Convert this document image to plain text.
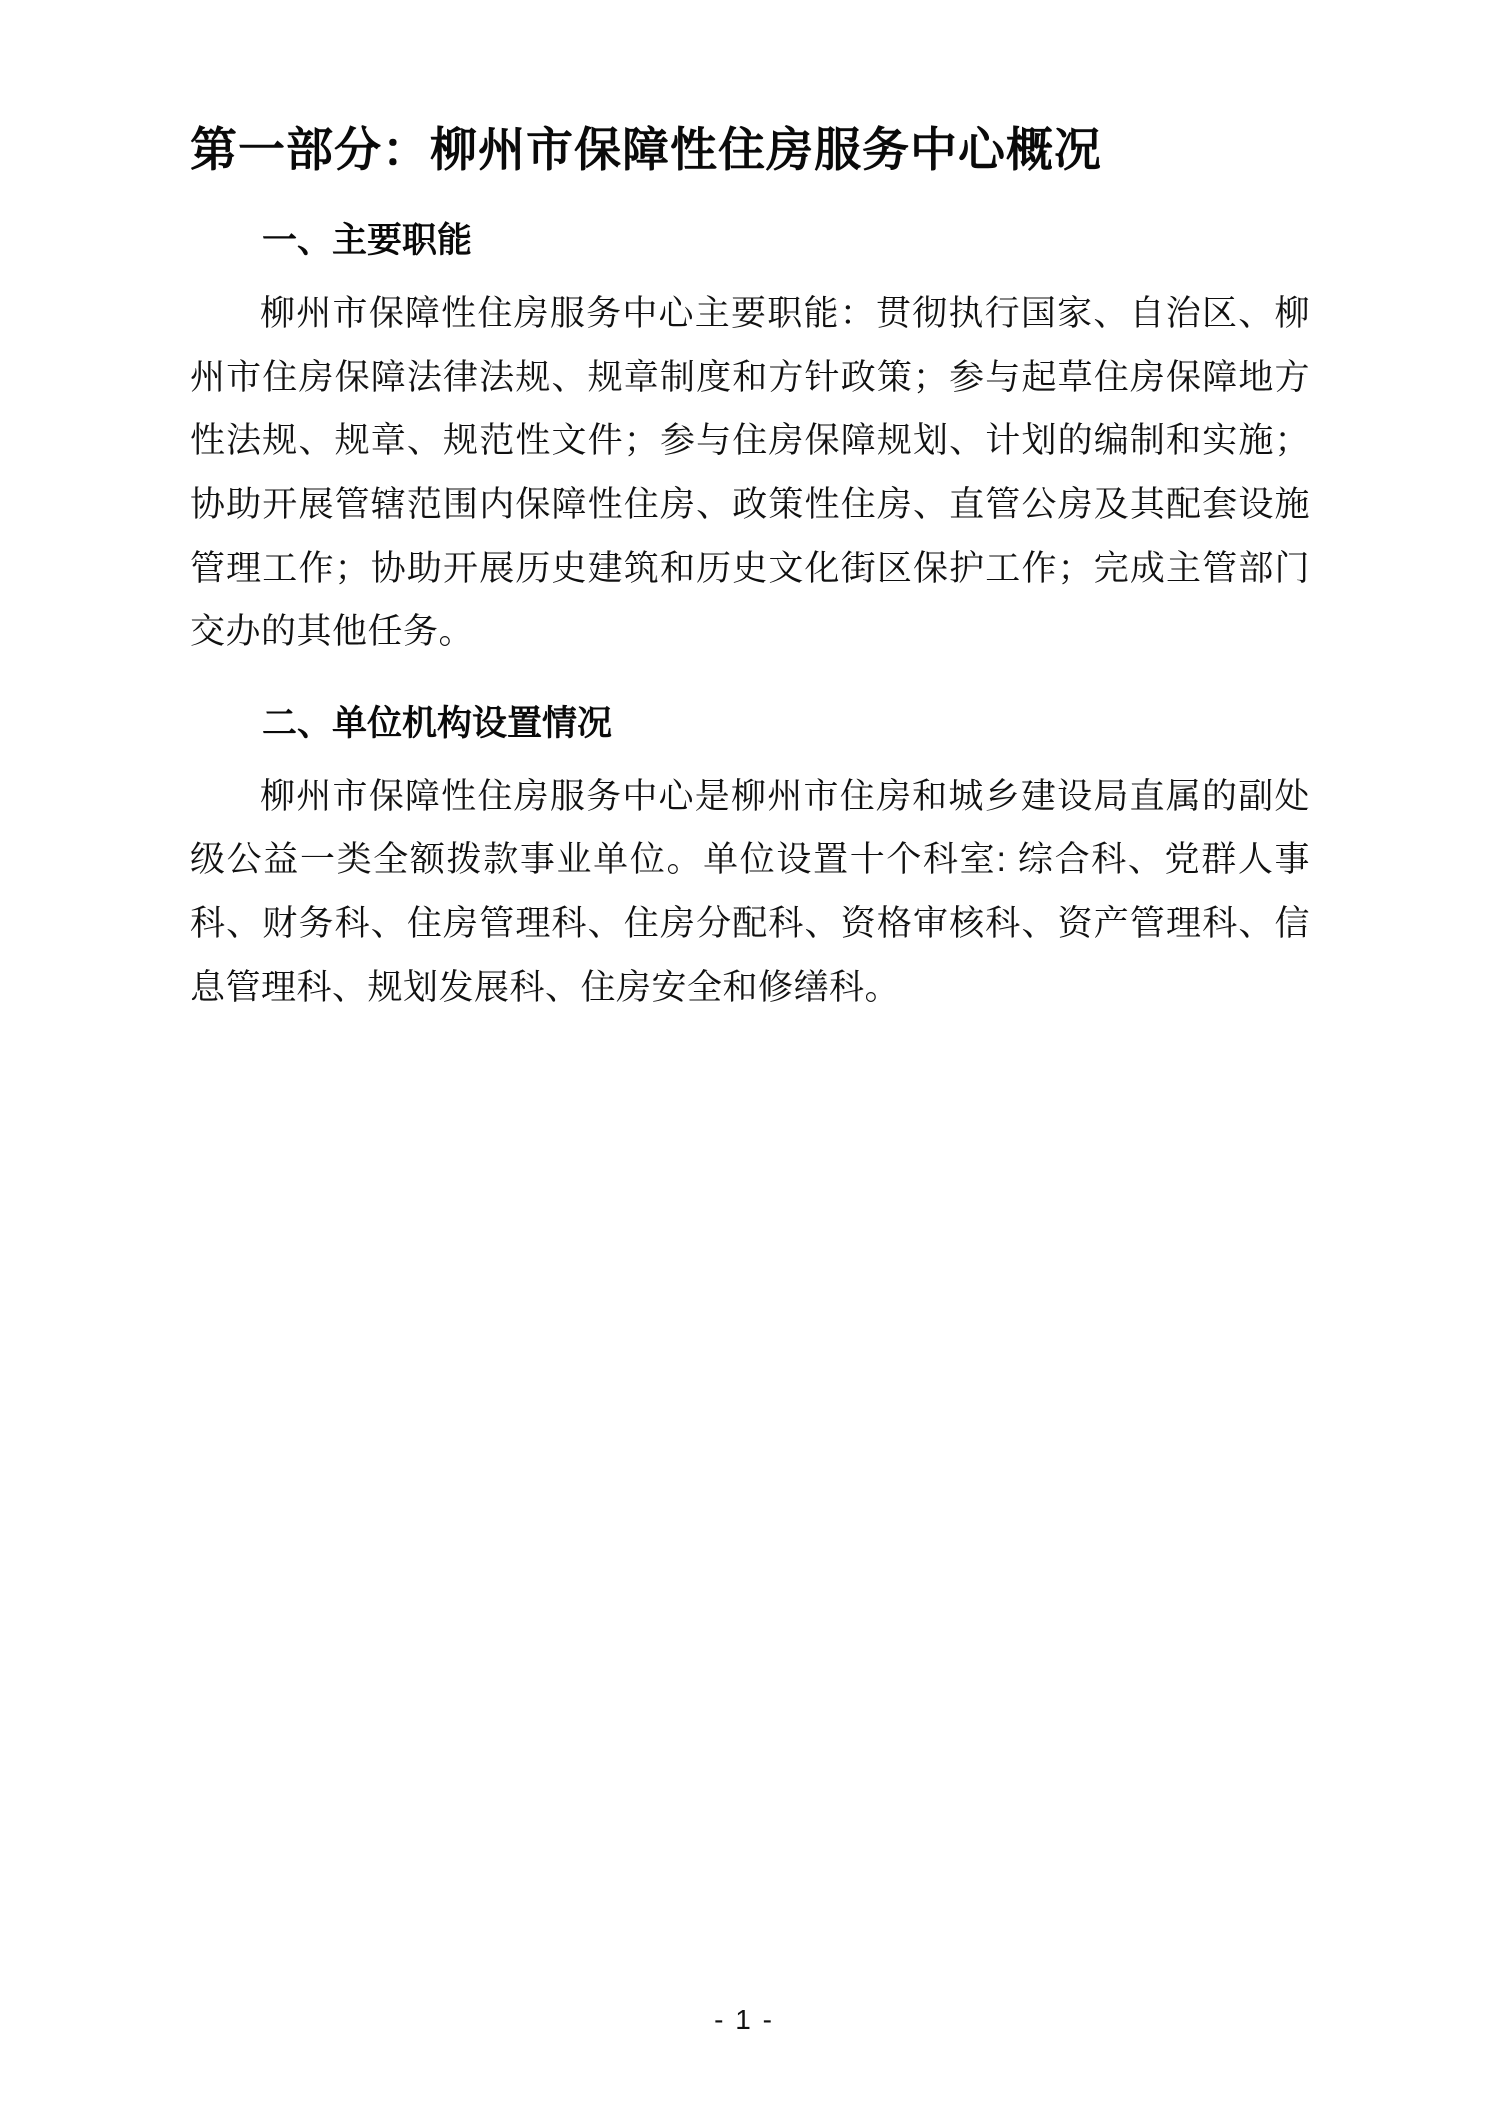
第一部分：柳州市保障性住房服务中心概况
一、主要职能

柳州市保障性住房服务中心主要职能：贯彻执行国家、自治区、柳州市住房保障法律法规、规章制度和方针政策；参与起草住房保障地方性法规、规章、规范性文件；参与住房保障规划、计划的编制和实施；协助开展管辖范围内保障性住房、政策性住房、直管公房及其配套设施管理工作；协助开展历史建筑和历史文化街区保护工作；完成主管部门交办的其他任务。

二、单位机构设置情况

柳州市保障性住房服务中心是柳州市住房和城乡建设局直属的副处级公益一类全额拨款事业单位。单位设置十个科室: 综合科、党群人事科、财务科、住房管理科、住房分配科、资格审核科、资产管理科、信息管理科、规划发展科、住房安全和修缮科。

- 1 -
